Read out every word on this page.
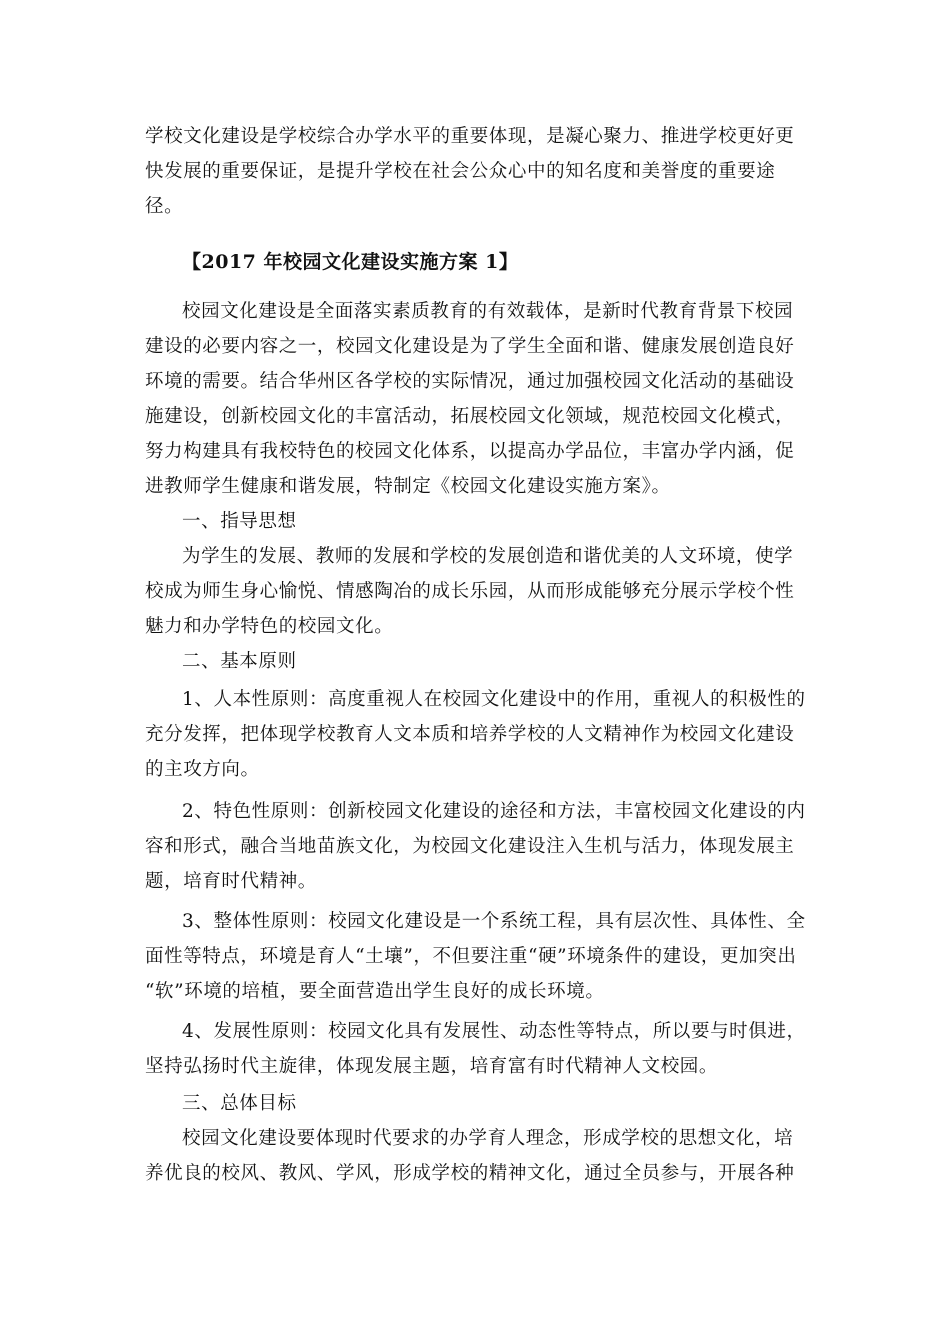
学校文化建设是学校综合办学水平的重要体现，是凝心聚力、推进学校更好更
快发展的重要保证，是提升学校在社会公众心中的知名度和美誉度的重要途
径。
【2017 年校园文化建设实施方案 1】
校园文化建设是全面落实素质教育的有效载体，是新时代教育背景下校园
建设的必要内容之一，校园文化建设是为了学生全面和谐、健康发展创造良好
环境的需要。结合华州区各学校的实际情况，通过加强校园文化活动的基础设
施建设，创新校园文化的丰富活动，拓展校园文化领域，规范校园文化模式，
努力构建具有我校特色的校园文化体系，以提高办学品位，丰富办学内涵，促
进教师学生健康和谐发展，特制定《校园文化建设实施方案》。
一、指导思想
为学生的发展、教师的发展和学校的发展创造和谐优美的人文环境，使学
校成为师生身心愉悦、情感陶冶的成长乐园，从而形成能够充分展示学校个性
魅力和办学特色的校园文化。
二、基本原则
1、人本性原则：高度重视人在校园文化建设中的作用，重视人的积极性的
充分发挥，把体现学校教育人文本质和培养学校的人文精神作为校园文化建设
的主攻方向。
2、特色性原则：创新校园文化建设的途径和方法，丰富校园文化建设的内
容和形式，融合当地苗族文化，为校园文化建设注入生机与活力，体现发展主
题，培育时代精神。
3、整体性原则：校园文化建设是一个系统工程，具有层次性、具体性、全
面性等特点，环境是育人“土壤”，不但要注重“硬”环境条件的建设，更加突出
“软”环境的培植，要全面营造出学生良好的成长环境。
4、发展性原则：校园文化具有发展性、动态性等特点，所以要与时俱进，
坚持弘扬时代主旋律，体现发展主题，培育富有时代精神人文校园。
三、总体目标
校园文化建设要体现时代要求的办学育人理念，形成学校的思想文化，培
养优良的校风、教风、学风，形成学校的精神文化，通过全员参与，开展各种
